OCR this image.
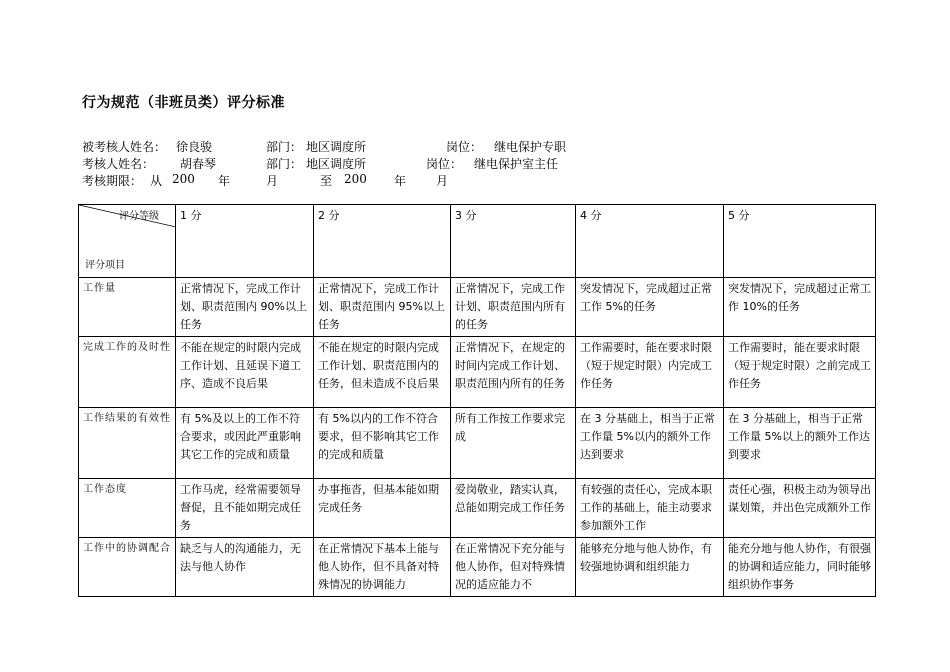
行为规范（非班员类）评分标准
被考核人姓名： 徐良骏	部门： 地区调度所	岗位： 继电保护专职
考核人姓名： 胡春琴	部门： 地区调度所	岗位： 继电保护室主任
考核期限： 从 200 年	月	至 200 年 月
评分等级
评分项目	1 分	2 分	3 分	4 分	5 分
工作量	正常情况下，完成工作计划、职责范围内 90%以上任务	正常情况下，完成工作计划、职责范围内 95%以上任务	正常情况下，完成工作计划、职责范围内所有的任务	突发情况下，完成超过正常工作 5%的任务	突发情况下，完成超过正常工作 10%的任务
完成工作的及时性	不能在规定的时限内完成工作计划、且延误下道工序、造成不良后果	不能在规定的时限内完成工作计划、职责范围内的任务，但未造成不良后果	正常情况下，在规定的时间内完成工作计划、职责范围内所有的任务	工作需要时，能在要求时限（短于规定时限）内完成工作任务	工作需要时，能在要求时限（短于规定时限）之前完成工作任务
工作结果的有效性	有 5%及以上的工作不符合要求，或因此严重影响其它工作的完成和质量	有 5%以内的工作不符合要求，但不影响其它工作的完成和质量	所有工作按工作要求完成	在 3 分基础上，相当于正常工作量 5%以内的额外工作达到要求	在 3 分基础上，相当于正常工作量 5%以上的额外工作达到要求
工作态度	工作马虎，经常需要领导督促，且不能如期完成任务	办事拖沓，但基本能如期完成任务	爱岗敬业，踏实认真，总能如期完成工作任务	有较强的责任心，完成本职工作的基础上，能主动要求参加额外工作	责任心强，积极主动为领导出谋划策，并出色完成额外工作
工作中的协调配合	缺乏与人的沟通能力，无法与他人协作	在正常情况下基本上能与他人协作，但不具备对特殊情况的协调能力	在正常情况下充分能与他人协作，但对特殊情况的适应能力不	能够充分地与他人协作，有较强地协调和组织能力	能充分地与他人协作，有很强的协调和适应能力，同时能够组织协作事务
